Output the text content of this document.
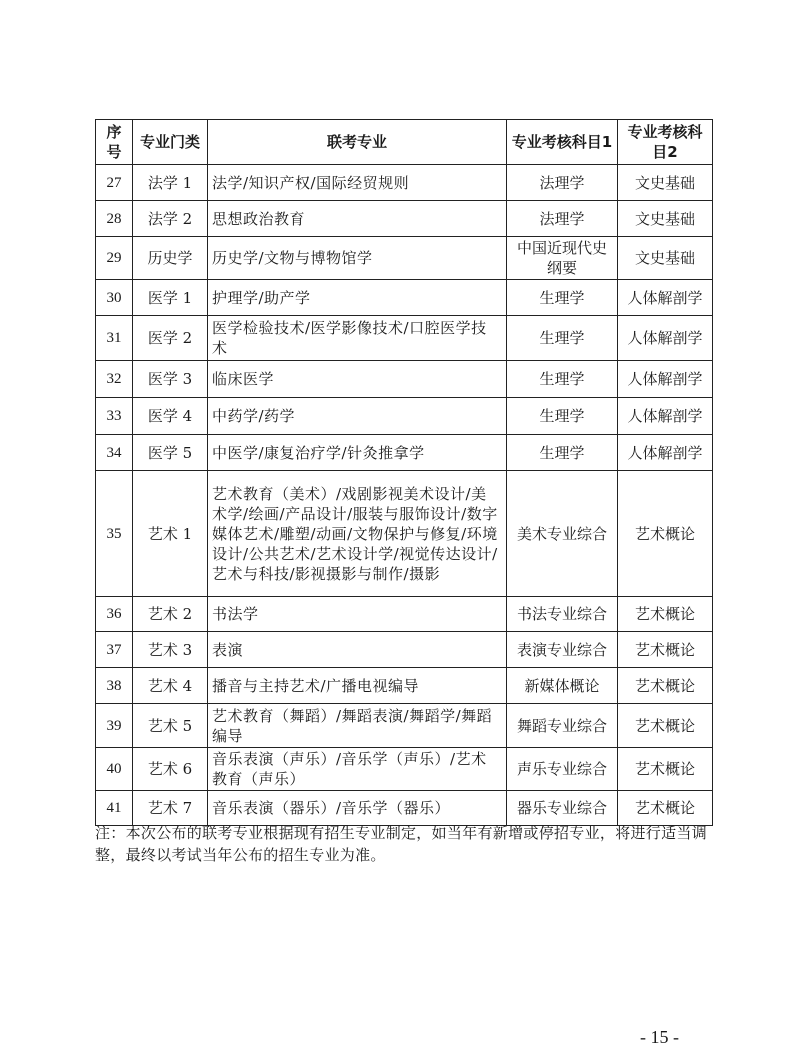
序号	专业门类	联考专业	专业考核科目1	专业考核科目2
27	法学 1	法学/知识产权/国际经贸规则	法理学	文史基础
28	法学 2	思想政治教育	法理学	文史基础
29	历史学	历史学/文物与博物馆学	中国近现代史纲要	文史基础
30	医学 1	护理学/助产学	生理学	人体解剖学
31	医学 2	医学检验技术/医学影像技术/口腔医学技术	生理学	人体解剖学
32	医学 3	临床医学	生理学	人体解剖学
33	医学 4	中药学/药学	生理学	人体解剖学
34	医学 5	中医学/康复治疗学/针灸推拿学	生理学	人体解剖学
35	艺术 1	艺术教育（美术）/戏剧影视美术设计/美术学/绘画/产品设计/服装与服饰设计/数字媒体艺术/雕塑/动画/文物保护与修复/环境设计/公共艺术/艺术设计学/视觉传达设计/艺术与科技/影视摄影与制作/摄影	美术专业综合	艺术概论
36	艺术 2	书法学	书法专业综合	艺术概论
37	艺术 3	表演	表演专业综合	艺术概论
38	艺术 4	播音与主持艺术/广播电视编导	新媒体概论	艺术概论
39	艺术 5	艺术教育（舞蹈）/舞蹈表演/舞蹈学/舞蹈编导	舞蹈专业综合	艺术概论
40	艺术 6	音乐表演（声乐）/音乐学（声乐）/艺术教育（声乐）	声乐专业综合	艺术概论
41	艺术 7	音乐表演（器乐）/音乐学（器乐）	器乐专业综合	艺术概论
注：本次公布的联考专业根据现有招生专业制定，如当年有新增或停招专业，将进行适当调整，最终以考试当年公布的招生专业为准。
- 15 -
